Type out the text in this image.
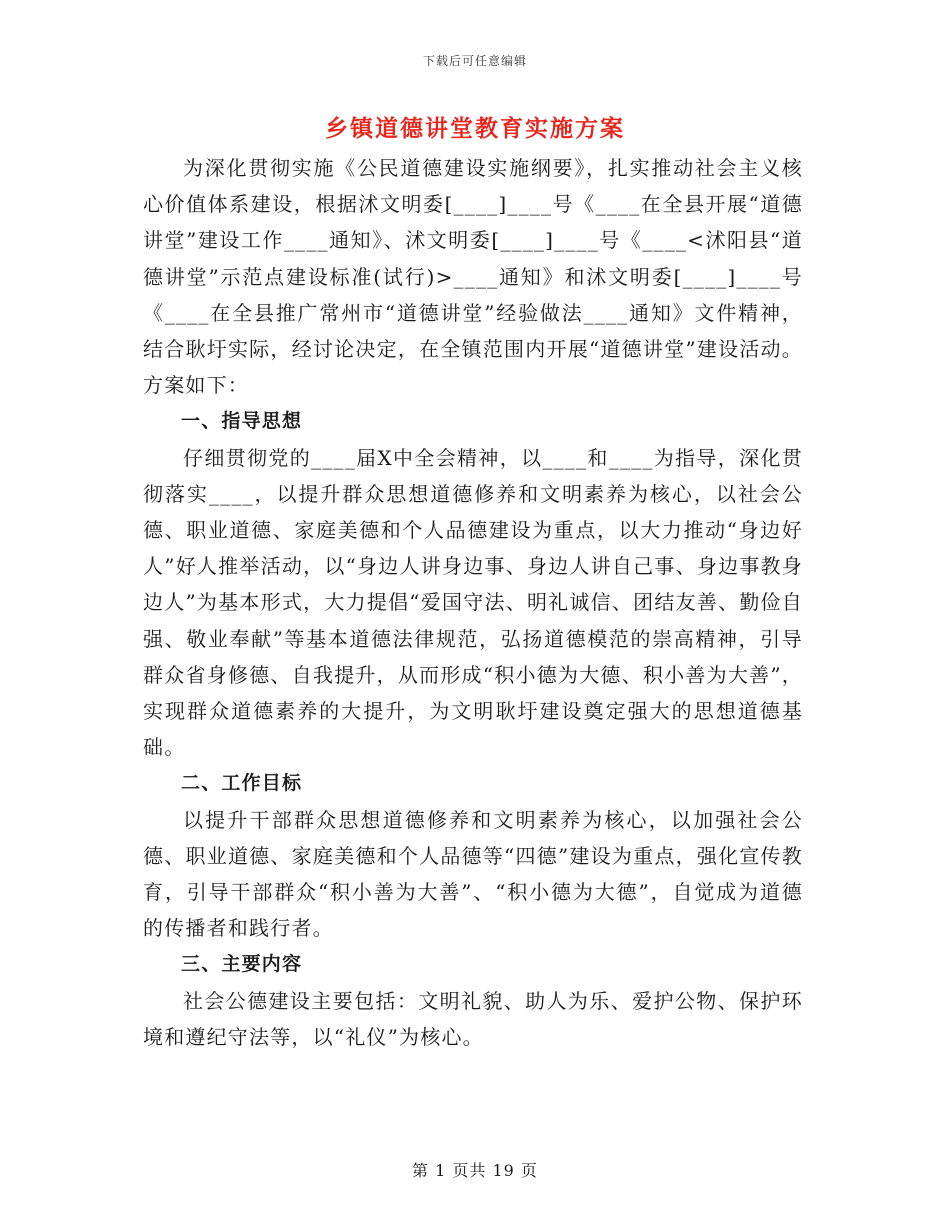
下载后可任意编辑
乡镇道德讲堂教育实施方案

为深化贯彻实施《公民道德建设实施纲要》，扎实推动社会主义核心价值体系建设，根据沭文明委[____]____号《____在全县开展“道德讲堂”建设工作____通知》、沭文明委[____]____号《____<沭阳县“道德讲堂”示范点建设标准(试行)>____通知》和沭文明委[____]____号《____在全县推广常州市“道德讲堂”经验做法____通知》文件精神，结合耿圩实际，经讨论决定，在全镇范围内开展“道德讲堂”建设活动。方案如下：

一、指导思想

仔细贯彻党的____届X中全会精神，以____和____为指导，深化贯彻落实____，以提升群众思想道德修养和文明素养为核心，以社会公德、职业道德、家庭美德和个人品德建设为重点，以大力推动“身边好人”好人推举活动，以“身边人讲身边事、身边人讲自己事、身边事教身边人”为基本形式，大力提倡“爱国守法、明礼诚信、团结友善、勤俭自强、敬业奉献”等基本道德法律规范，弘扬道德模范的崇高精神，引导群众省身修德、自我提升，从而形成“积小德为大德、积小善为大善”，实现群众道德素养的大提升，为文明耿圩建设奠定强大的思想道德基础。

二、工作目标

以提升干部群众思想道德修养和文明素养为核心，以加强社会公德、职业道德、家庭美德和个人品德等“四德”建设为重点，强化宣传教育，引导干部群众“积小善为大善”、“积小德为大德”，自觉成为道德的传播者和践行者。

三、主要内容

社会公德建设主要包括：文明礼貌、助人为乐、爱护公物、保护环境和遵纪守法等，以“礼仪”为核心。

第 1 页共 19 页
